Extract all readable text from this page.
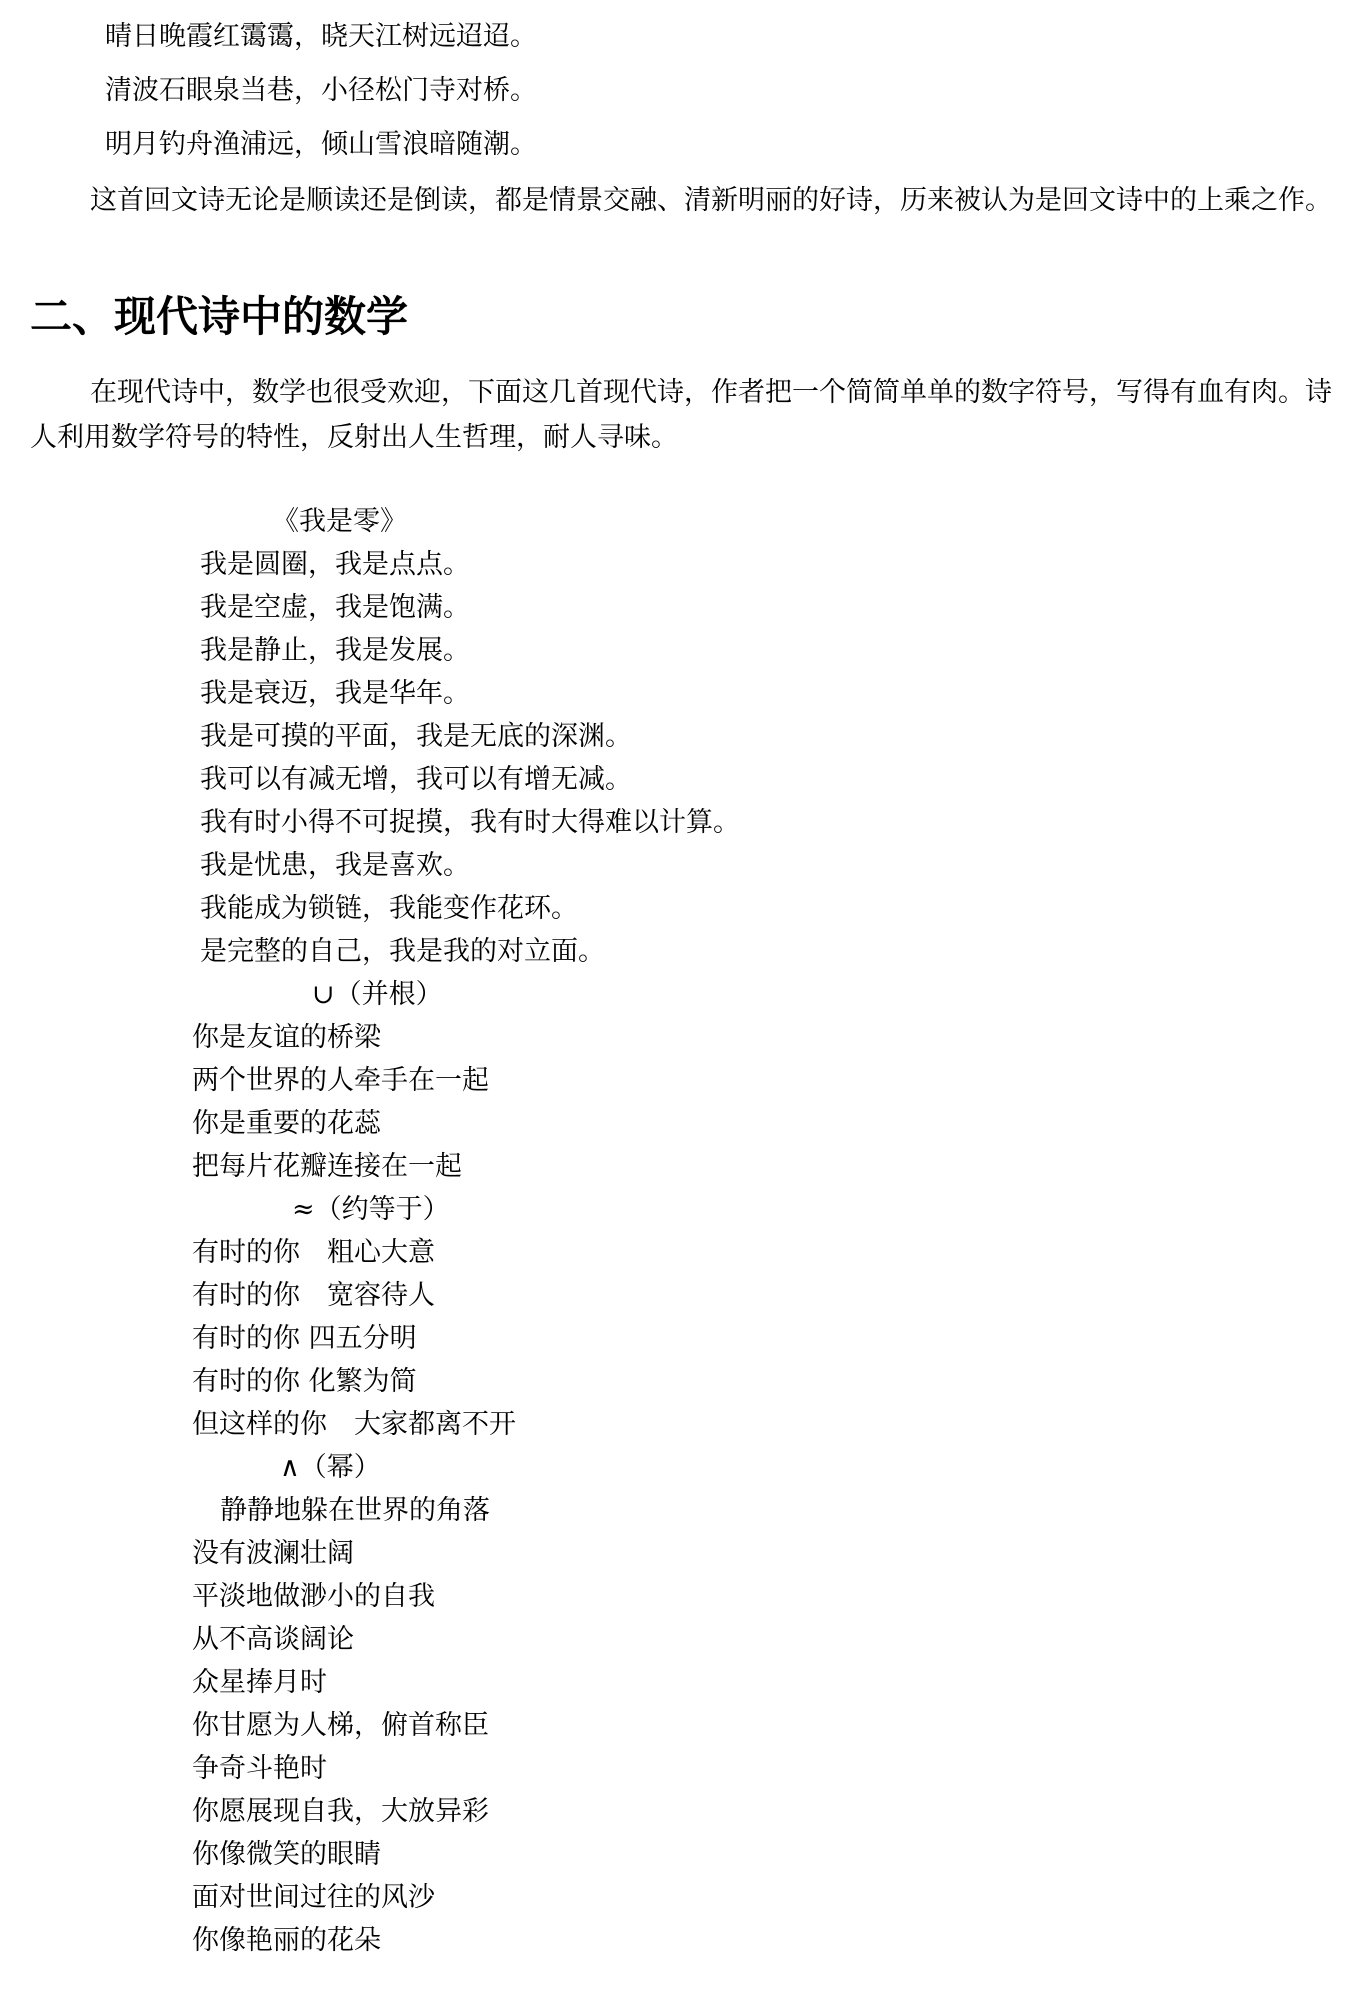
晴日晚霞红霭霭，晓天江树远迢迢。
清波石眼泉当巷，小径松门寺对桥。
明月钓舟渔浦远，倾山雪浪暗随潮。

这首回文诗无论是顺读还是倒读，都是情景交融、清新明丽的好诗，历来被认为是回文诗中的上乘之作。

二、现代诗中的数学

在现代诗中，数学也很受欢迎，下面这几首现代诗，作者把一个简简单单的数字符号，写得有血有肉。诗人利用数学符号的特性，反射出人生哲理，耐人寻味。

《我是零》
我是圆圈，我是点点。
我是空虚，我是饱满。
我是静止，我是发展。
我是衰迈，我是华年。
我是可摸的平面，我是无底的深渊。
我可以有减无增，我可以有增无减。
我有时小得不可捉摸，我有时大得难以计算。
我是忧患，我是喜欢。
我能成为锁链，我能变作花环。
是完整的自己，我是我的对立面。
∪（并根）
你是友谊的桥梁
两个世界的人牵手在一起
你是重要的花蕊
把每片花瓣连接在一起
≈（约等于）
有时的你　粗心大意
有时的你　宽容待人
有时的你 四五分明
有时的你 化繁为简
但这样的你　大家都离不开
∧（幂）
静静地躲在世界的角落
没有波澜壮阔
平淡地做渺小的自我
从不高谈阔论
众星捧月时
你甘愿为人梯，俯首称臣
争奇斗艳时
你愿展现自我，大放异彩
你像微笑的眼睛
面对世间过往的风沙
你像艳丽的花朵
